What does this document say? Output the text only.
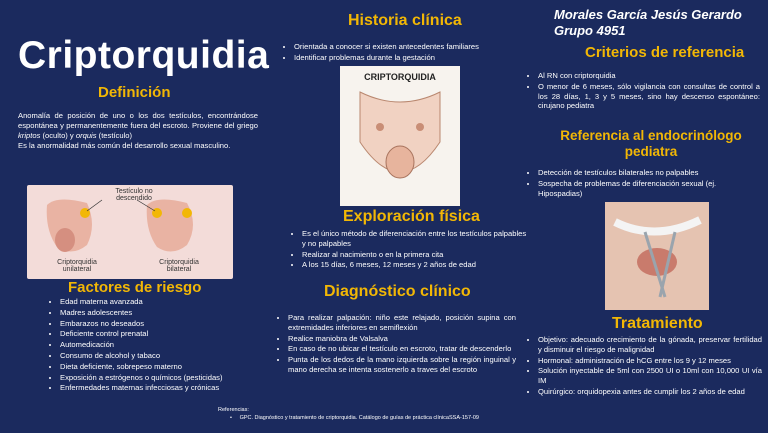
Criptorquidia
Morales García Jesús Gerardo
Grupo 4951
Definición
Anomalía de posición de uno o los dos testículos, encontrándose espontánea y permanentemente fuera del escroto. Proviene del griego kriptos (oculto) y orquis (testículo)
Es la anormalidad más común del desarrollo sexual masculino.
Testículo no descendido
Criptorquidia unilateral
Criptorquidia bilateral
Factores de riesgo
• Edad materna avanzada
• Madres adolescentes
• Embarazos no deseados
• Deficiente control prenatal
• Automedicación
• Consumo de alcohol y tabaco
• Dieta deficiente, sobrepeso materno
• Exposición a estrógenos o químicos (pesticidas)
• Enfermedades maternas infecciosas y crónicas
Historia clínica
• Orientada a conocer si existen antecedentes familiares
• Identificar problemas durante la gestación
CRIPTORQUIDIA
Exploración física
• Es el único método de diferenciación entre los testículos palpables y no palpables
• Realizar al nacimiento o en la primera cita
• A los 15 días, 6 meses, 12 meses y 2 años de edad
Diagnóstico clínico
• Para realizar palpación: niño este relajado, posición supina con extremidades inferiores en semiflexión
• Realice maniobra de Valsalva
• En caso de no ubicar el testículo en escroto, tratar de descenderlo
• Punta de los dedos de la mano izquierda sobre la región inguinal y mano derecha se intenta sostenerlo a traves del escroto
Criterios de referencia
• Al RN con criptorquidia
• O menor de 6 meses, sólo vigilancia con consultas de control a los 28 días, 1, 3 y 5 meses, sino hay descenso espontáneo: cirujano pediatra
Referencia al endocrinólogo pediatra
• Detección de testículos bilaterales no palpables
• Sospecha de problemas de diferenciación sexual (ej. Hipospadias)
Tratamiento
• Objetivo: adecuado crecimiento de la gónada, preservar fertilidad y disminuir el riesgo de malignidad
• Hormonal: administración de hCG entre los 9 y 12 meses
• Solución inyectable de 5ml con 2500 UI o 10ml con 10,000 UI vía IM
• Quirúrgico: orquidopexia antes de cumplir los 2 años de edad
Referencias:
•     GPC. Diagnóstico y tratamiento de criptorquidia. Catálogo de guías de práctica clínicaSSA-157-09
